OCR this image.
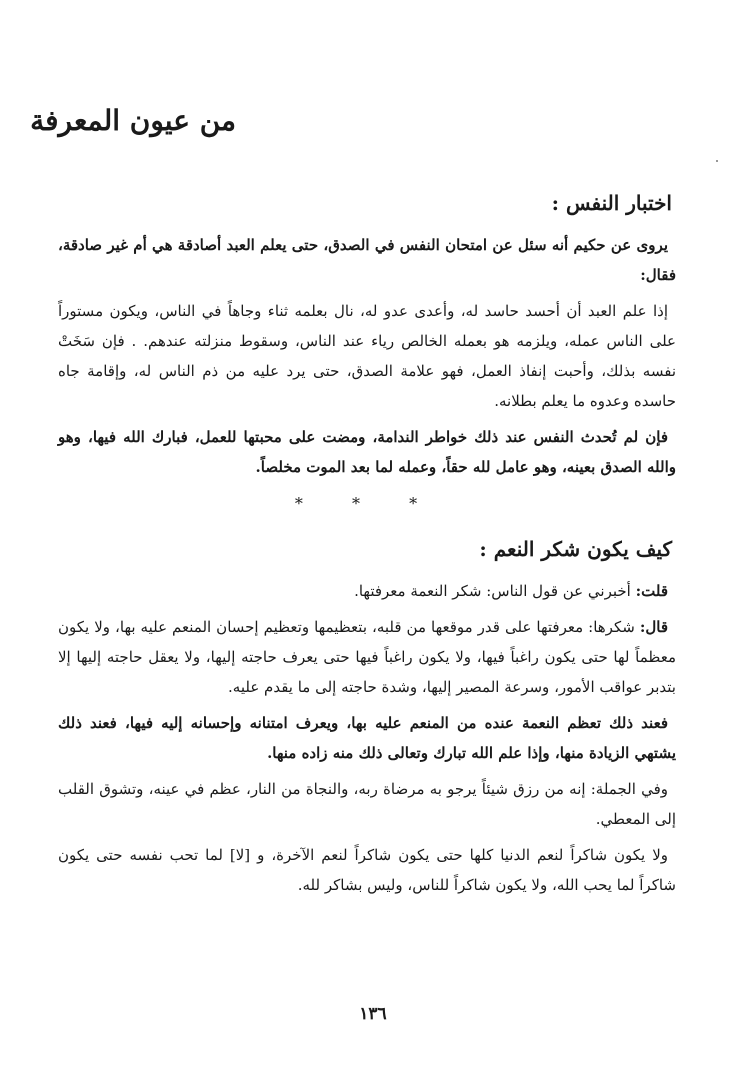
من عيون المعرفة
اختبار النفس :

يروى عن حكيم أنه سئل عن امتحان النفس في الصدق، حتى يعلم العبد أصادقة هي أم غير صادقة، فقال:

إذا علم العبد أن أحسد حاسد له، وأعدى عدو له، نال بعلمه ثناء وجاهاً في الناس، ويكون مستوراً على الناس عمله، ويلزمه هو بعمله الخالص رياء عند الناس، وسقوط منزلته عندهم. . فإن سَخَتْ نفسه بذلك، وأحبت إنفاذ العمل، فهو علامة الصدق، حتى يرد عليه من ذم الناس له، وإقامة جاه حاسده وعدوه ما يعلم بطلانه.

فإن لم تُحدث النفس عند ذلك خواطر الندامة، ومضت على محبتها للعمل، فبارك الله فيها، وهو والله الصدق بعينه، وهو عامل لله حقاً، وعمله لما بعد الموت مخلصاً.

* * *
كيف يكون شكر النعم :

قلت: أخبرني عن قول الناس: شكر النعمة معرفتها.

قال: شكرها: معرفتها على قدر موقعها من قلبه، بتعظيمها وتعظيم إحسان المنعم عليه بها، ولا يكون معظماً لها حتى يكون راغباً فيها، ولا يكون راغباً فيها حتى يعرف حاجته إليها، ولا يعقل حاجته إليها إلا بتدبر عواقب الأمور، وسرعة المصير إليها، وشدة حاجته إلى ما يقدم عليه.

فعند ذلك تعظم النعمة عنده من المنعم عليه بها، ويعرف امتنانه وإحسانه إليه فيها، فعند ذلك يشتهي الزيادة منها، وإذا علم الله تبارك وتعالى ذلك منه زاده منها.

وفي الجملة: إنه من رزق شيئاً يرجو به مرضاة ربه، والنجاة من النار، عظم في عينه، وتشوق القلب إلى المعطي.

ولا يكون شاكراً لنعم الدنيا كلها حتى يكون شاكراً لنعم الآخرة، و [لا] لما تحب نفسه حتى يكون شاكراً لما يحب الله، ولا يكون شاكراً للناس، وليس بشاكر لله.

١٣٦
